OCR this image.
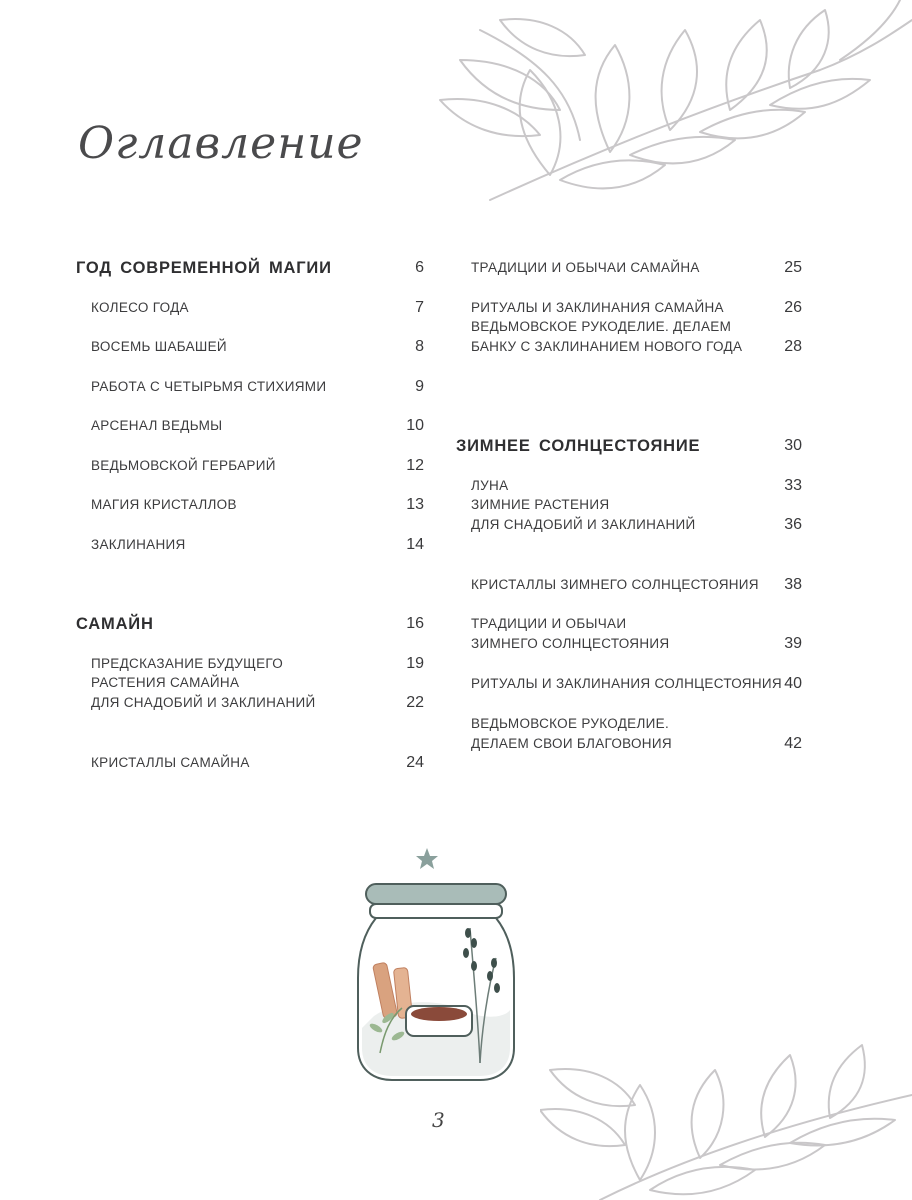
Оглавление
ГОД СОВРЕМЕННОЙ МАГИИ	6
КОЛЕСО ГОДА	7
ВОСЕМЬ ШАБАШЕЙ	8
РАБОТА С ЧЕТЫРЬМЯ СТИХИЯМИ	9
АРСЕНАЛ ВЕДЬМЫ	10
ВЕДЬМОВСКОЙ ГЕРБАРИЙ	12
МАГИЯ КРИСТАЛЛОВ	13
ЗАКЛИНАНИЯ	14
САМАЙН	16
ПРЕДСКАЗАНИЕ БУДУЩЕГО	19
РАСТЕНИЯ САМАЙНА
ДЛЯ СНАДОБИЙ И ЗАКЛИНАНИЙ	22
КРИСТАЛЛЫ САМАЙНА	24
ТРАДИЦИИ И ОБЫЧАИ САМАЙНА	25
РИТУАЛЫ И ЗАКЛИНАНИЯ САМАЙНА	26
ВЕДЬМОВСКОЕ РУКОДЕЛИЕ. ДЕЛАЕМ
БАНКУ С ЗАКЛИНАНИЕМ НОВОГО ГОДА	28
ЗИМНЕЕ СОЛНЦЕСТОЯНИЕ	30
ЛУНА	33
ЗИМНИЕ РАСТЕНИЯ
ДЛЯ СНАДОБИЙ И ЗАКЛИНАНИЙ	36
КРИСТАЛЛЫ ЗИМНЕГО СОЛНЦЕСТОЯНИЯ 38
ТРАДИЦИИ И ОБЫЧАИ
ЗИМНЕГО СОЛНЦЕСТОЯНИЯ	39
РИТУАЛЫ И ЗАКЛИНАНИЯ СОЛНЦЕСТОЯНИЯ 40
ВЕДЬМОВСКОЕ РУКОДЕЛИЕ.
ДЕЛАЕМ СВОИ БЛАГОВОНИЯ	42
3
